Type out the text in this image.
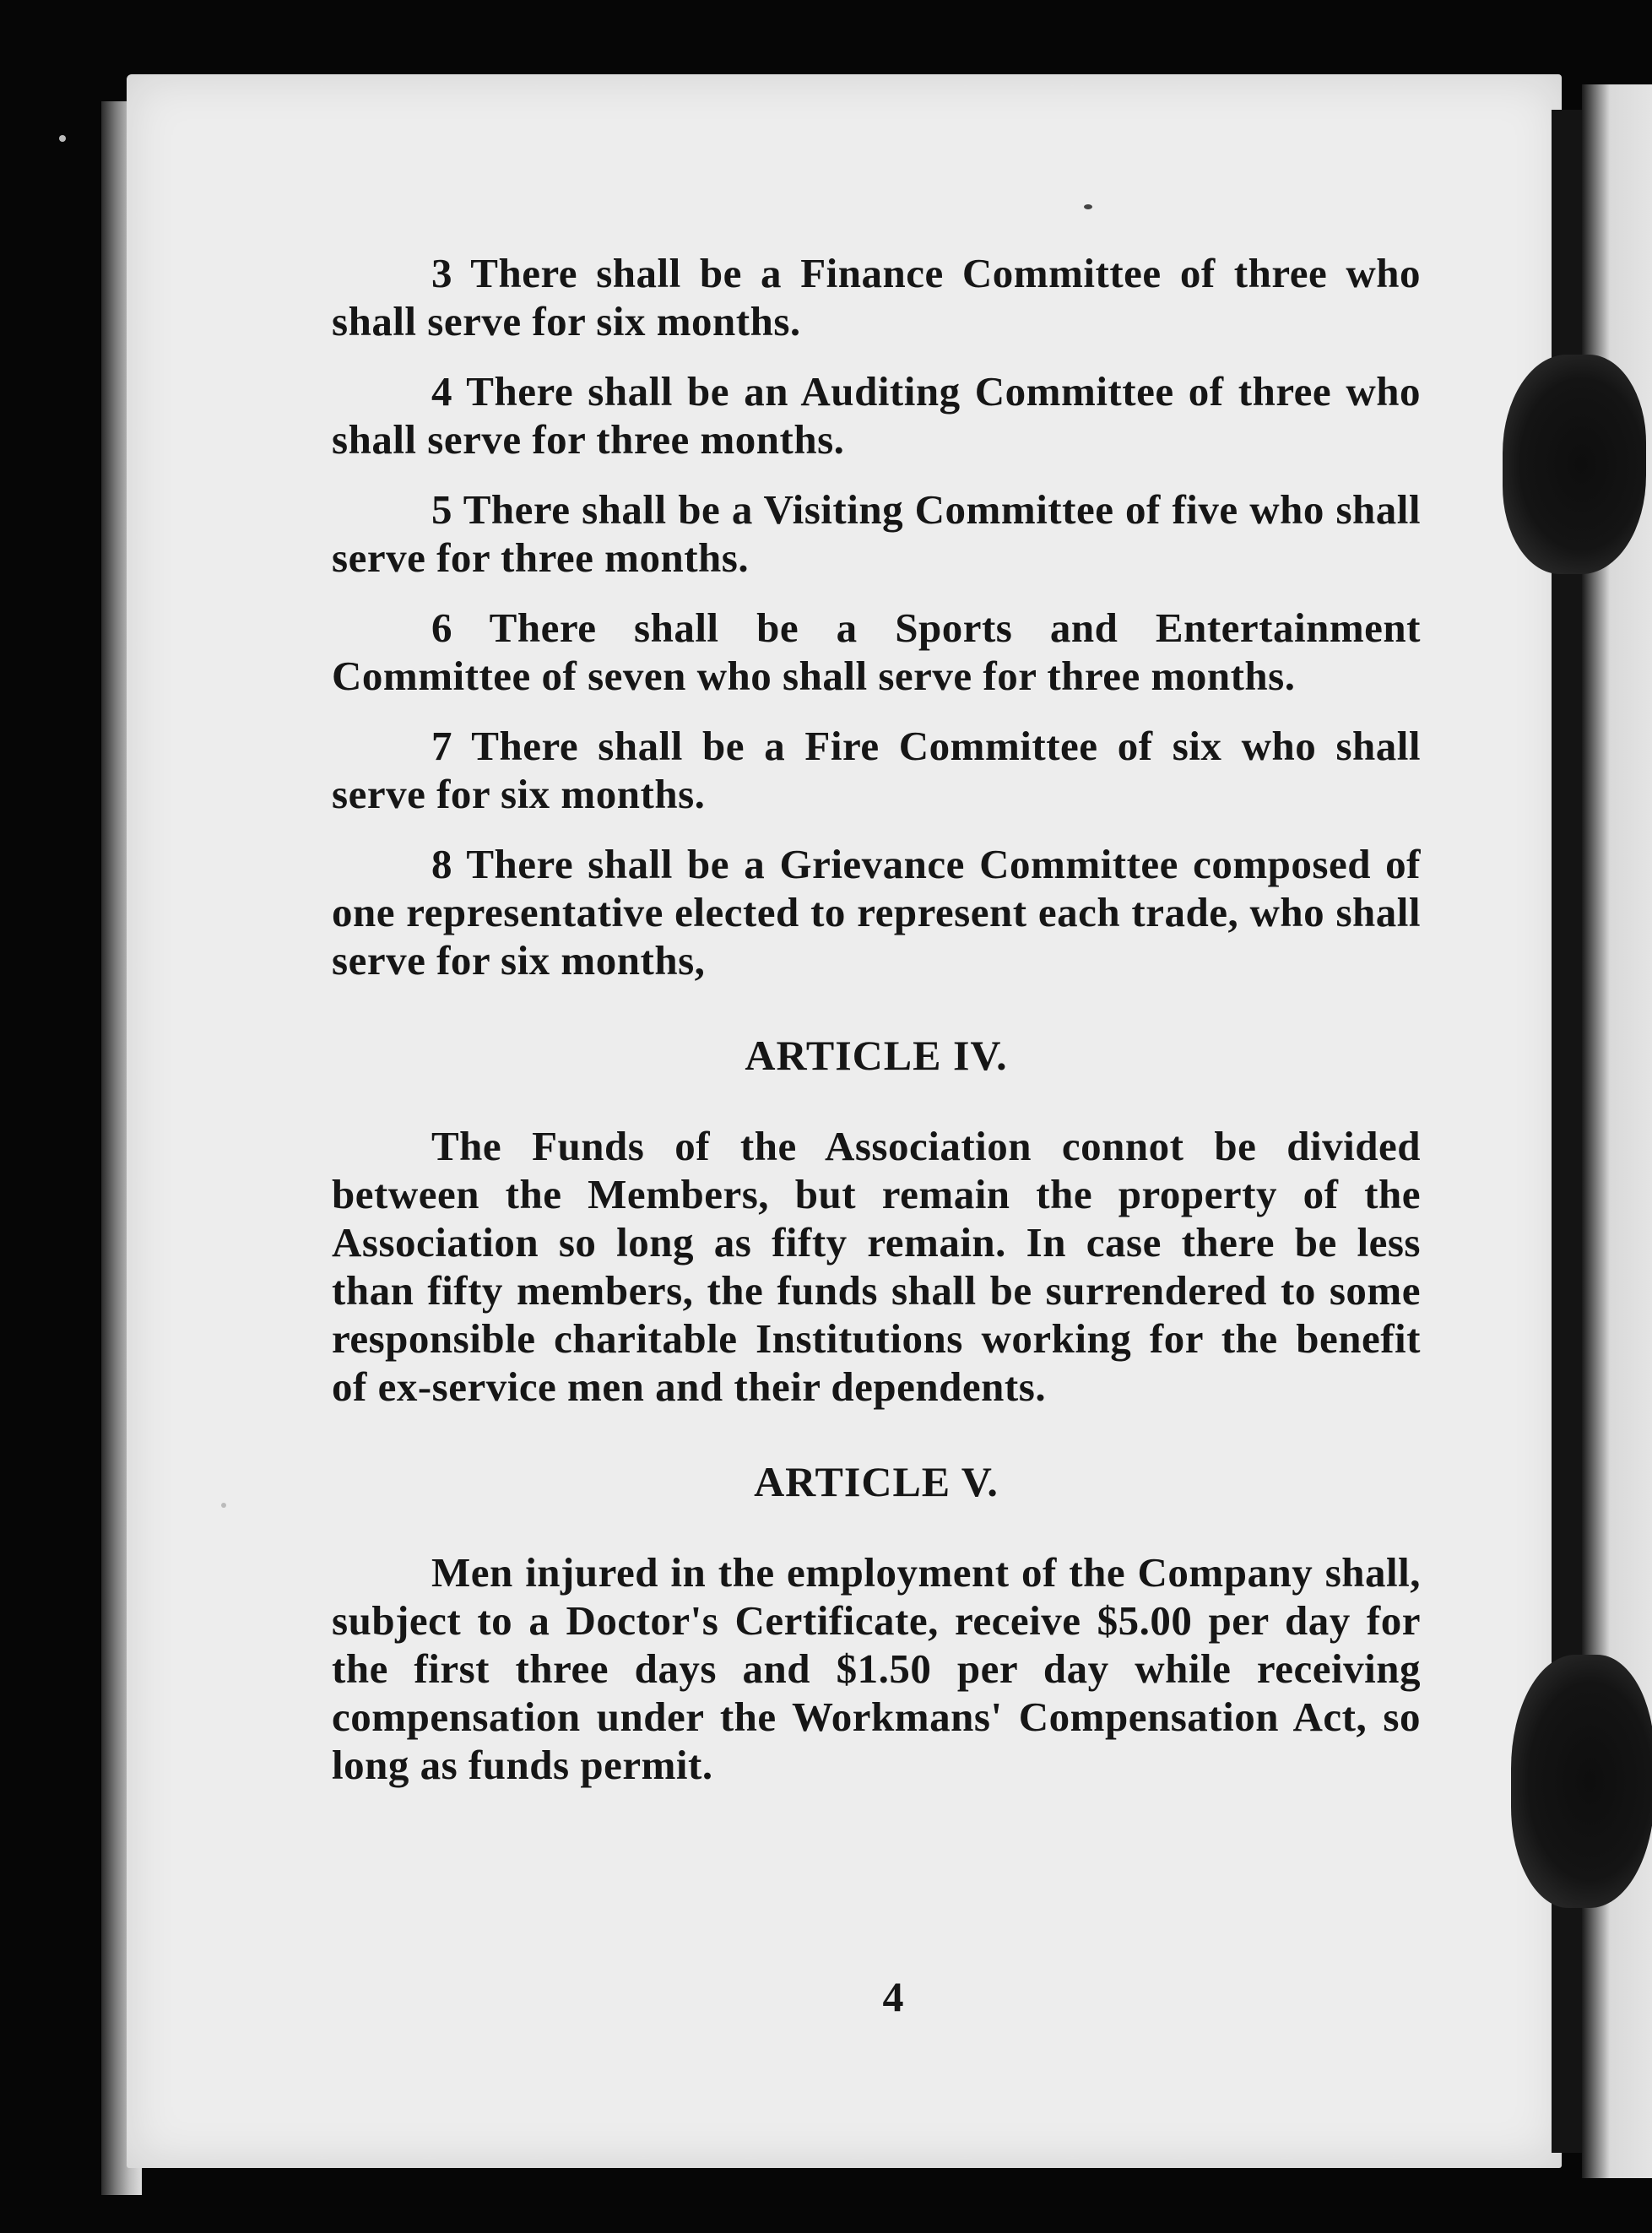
3 There shall be a Finance Committee of three who shall serve for six months.

4 There shall be an Auditing Committee of three who shall serve for three months.

5 There shall be a Visiting Committee of five who shall serve for three months.

6 There shall be a Sports and Entertainment Committee of seven who shall serve for three months.

7 There shall be a Fire Committee of six who shall serve for six months.

8 There shall be a Grievance Committee composed of one representative elected to represent each trade, who shall serve for six months,

ARTICLE IV.

The Funds of the Association connot be divided between the Members, but remain the property of the Association so long as fifty remain. In case there be less than fifty members, the funds shall be surrendered to some responsible charitable Institutions working for the benefit of ex-service men and their dependents.

ARTICLE V.

Men injured in the employment of the Company shall, subject to a Doctor's Certificate, receive $5.00 per day for the first three days and $1.50 per day while receiving compensation under the Workmans' Compensation Act, so long as funds permit.

4
